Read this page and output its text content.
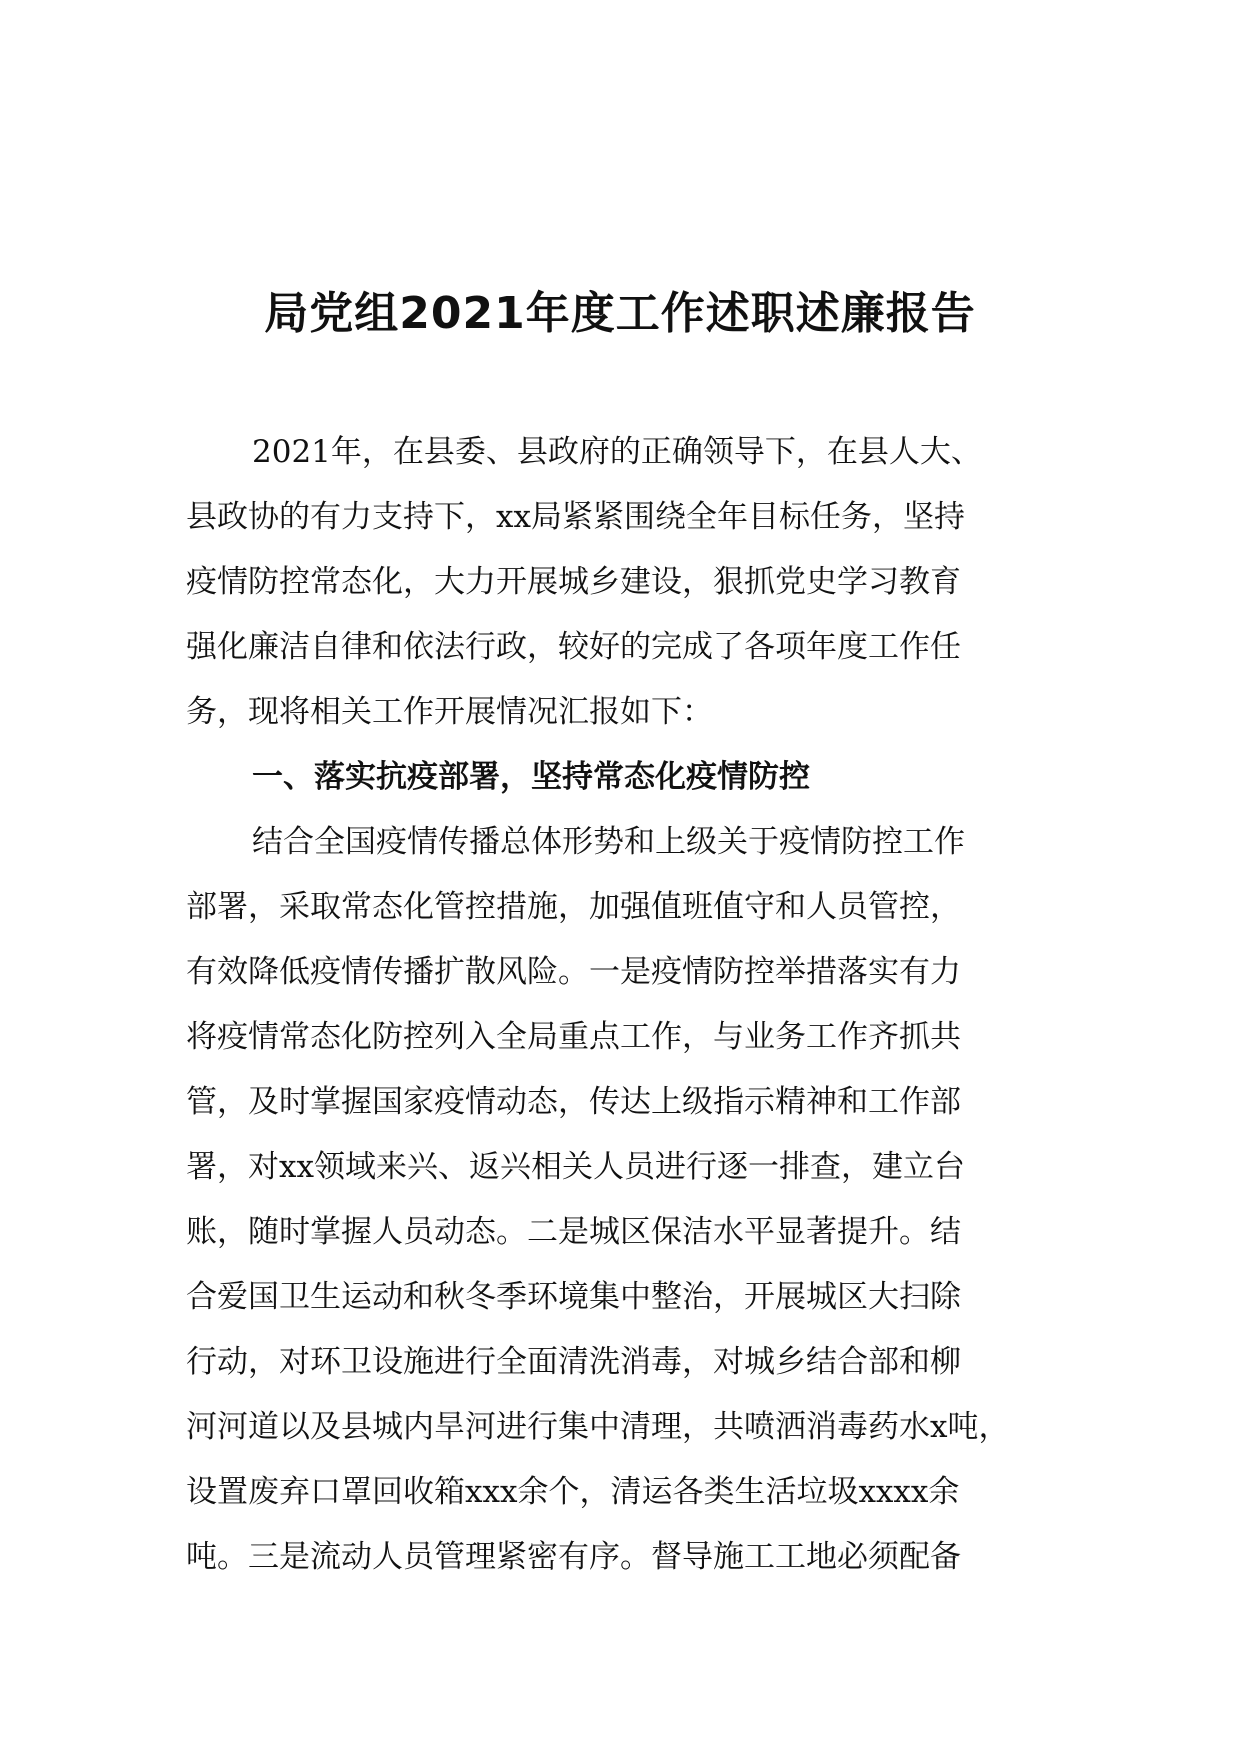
局党组2021年度工作述职述廉报告
2021年，在县委、县政府的正确领导下，在县人大、
县政协的有力支持下，xx局紧紧围绕全年目标任务，坚持
疫情防控常态化，大力开展城乡建设，狠抓党史学习教育
强化廉洁自律和依法行政，较好的完成了各项年度工作任
务，现将相关工作开展情况汇报如下：
一、落实抗疫部署，坚持常态化疫情防控
结合全国疫情传播总体形势和上级关于疫情防控工作
部署，采取常态化管控措施，加强值班值守和人员管控，
有效降低疫情传播扩散风险。一是疫情防控举措落实有力
将疫情常态化防控列入全局重点工作，与业务工作齐抓共
管，及时掌握国家疫情动态，传达上级指示精神和工作部
署，对xx领域来兴、返兴相关人员进行逐一排查，建立台
账，随时掌握人员动态。二是城区保洁水平显著提升。结
合爱国卫生运动和秋冬季环境集中整治，开展城区大扫除
行动，对环卫设施进行全面清洗消毒，对城乡结合部和柳
河河道以及县城内旱河进行集中清理，共喷洒消毒药水x吨，
设置废弃口罩回收箱xxx余个，清运各类生活垃圾xxxx余
吨。三是流动人员管理紧密有序。督导施工工地必须配备
